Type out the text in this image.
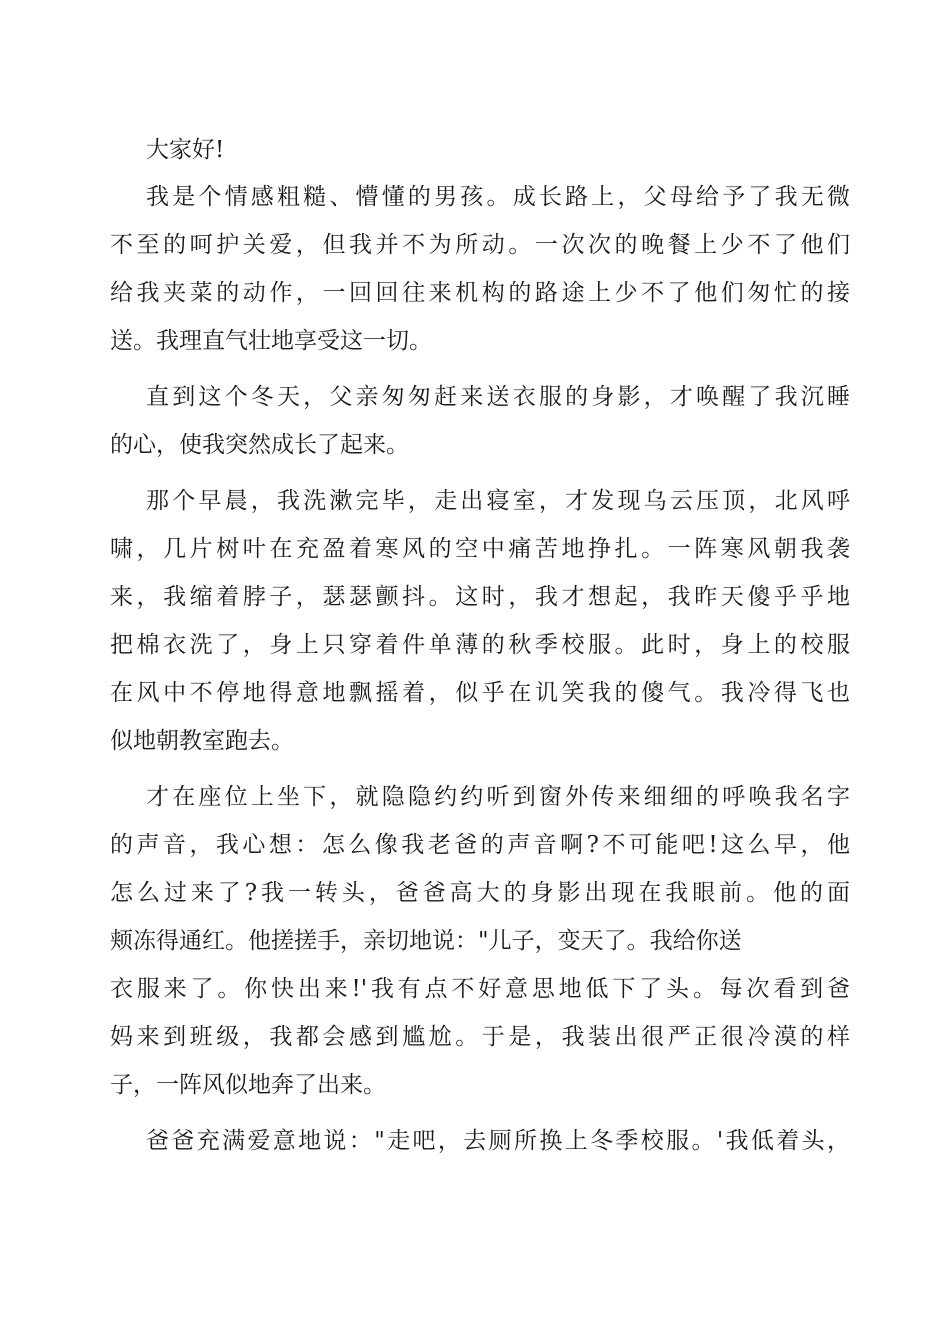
大家好!
我是个情感粗糙、懵懂的男孩。成长路上，父母给予了我无微
不至的呵护关爱，但我并不为所动。一次次的晚餐上少不了他们
给我夹菜的动作，一回回往来机构的路途上少不了他们匆忙的接
送。我理直气壮地享受这一切。
直到这个冬天，父亲匆匆赶来送衣服的身影，才唤醒了我沉睡
的心，使我突然成长了起来。
那个早晨，我洗漱完毕，走出寝室，才发现乌云压顶，北风呼
啸，几片树叶在充盈着寒风的空中痛苦地挣扎。一阵寒风朝我袭
来，我缩着脖子，瑟瑟颤抖。这时，我才想起，我昨天傻乎乎地
把棉衣洗了，身上只穿着件单薄的秋季校服。此时，身上的校服
在风中不停地得意地飘摇着，似乎在讥笑我的傻气。我冷得飞也
似地朝教室跑去。
才在座位上坐下，就隐隐约约听到窗外传来细细的呼唤我名字
的声音，我心想：怎么像我老爸的声音啊?不可能吧!这么早，他
怎么过来了?我一转头，爸爸高大的身影出现在我眼前。他的面
颊冻得通红。他搓搓手，亲切地说："儿子，变天了。我给你送
衣服来了。你快出来!'我有点不好意思地低下了头。每次看到爸
妈来到班级，我都会感到尴尬。于是，我装出很严正很冷漠的样
子，一阵风似地奔了出来。
爸爸充满爱意地说："走吧，去厕所换上冬季校服。'我低着头，
